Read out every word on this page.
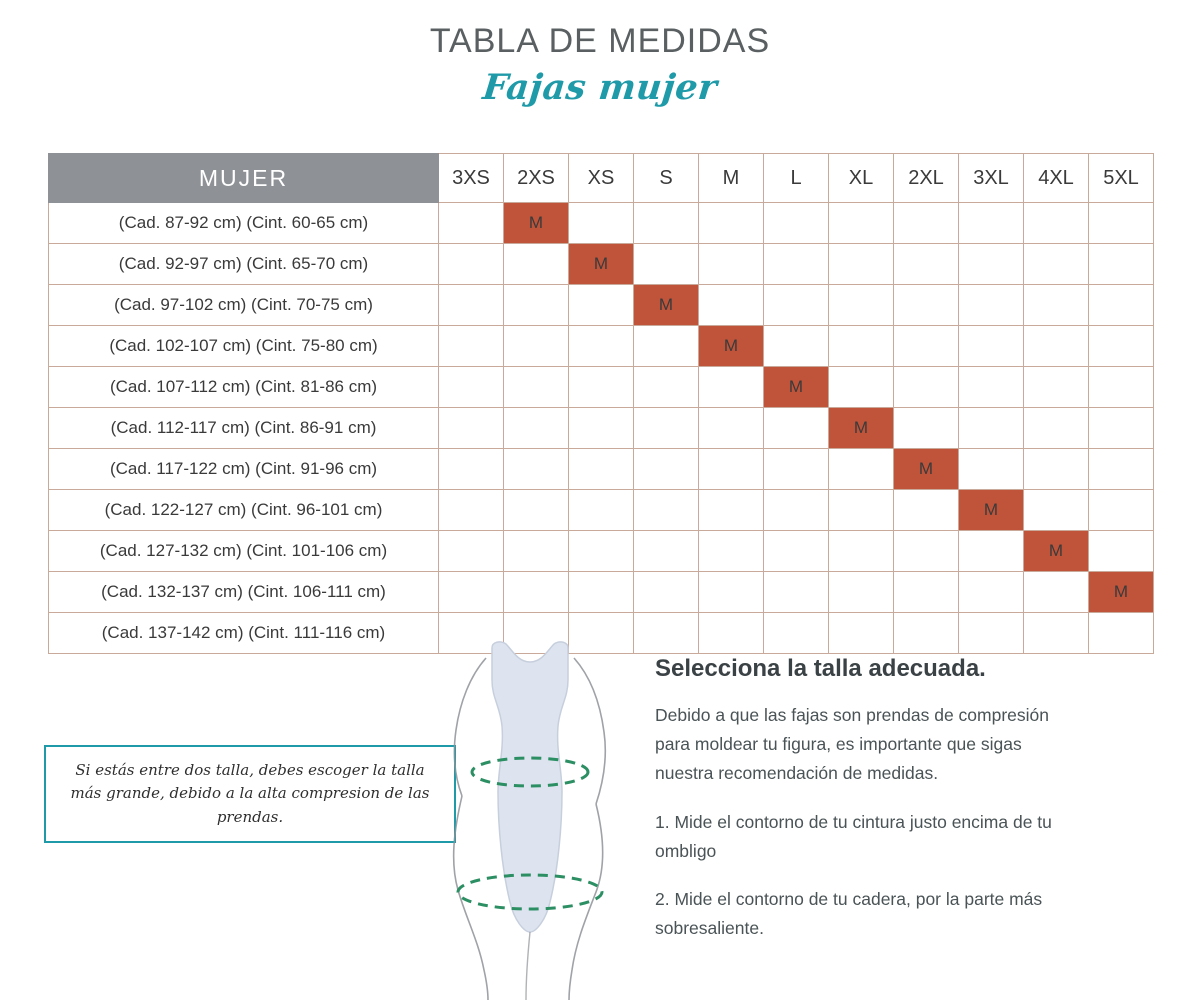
TABLA DE MEDIDAS
Fajas mujer
MUJER	3XS	2XS	XS	S	M	L	XL	2XL	3XL	4XL	5XL
(Cad. 87-92 cm) (Cint. 60-65 cm)		M									
(Cad. 92-97 cm) (Cint. 65-70 cm)			M								
(Cad. 97-102 cm) (Cint. 70-75 cm)				M							
(Cad. 102-107 cm) (Cint. 75-80 cm)					M						
(Cad. 107-112 cm) (Cint. 81-86 cm)						M					
(Cad. 112-117 cm) (Cint. 86-91 cm)							M				
(Cad. 117-122 cm) (Cint. 91-96 cm)								M			
(Cad. 122-127 cm) (Cint. 96-101 cm)									M		
(Cad. 127-132 cm) (Cint. 101-106 cm)										M	
(Cad. 132-137 cm) (Cint. 106-111 cm)											M
(Cad. 137-142 cm) (Cint. 111-116 cm)											
Si estás entre dos talla, debes escoger la talla más grande, debido a la alta compresion de las prendas.
Selecciona la talla adecuada.

Debido a que las fajas son prendas de compresión para moldear tu figura, es importante que sigas nuestra recomendación de medidas.

1. Mide el contorno de tu cintura justo encima de tu ombligo

2. Mide el contorno de tu cadera, por la parte más sobresaliente.
